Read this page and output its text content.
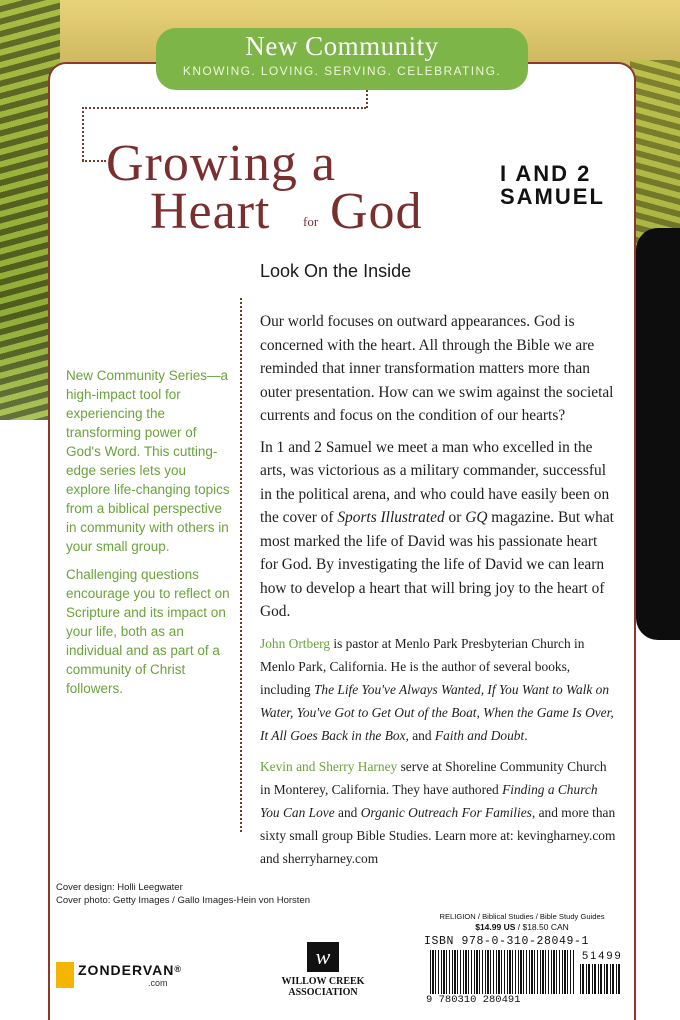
New Community
KNOWING. LOVING. SERVING. CELEBRATING.
Growing a
Heart	for God
I AND 2
SAMUEL
Look On the Inside

New Community Series—a high-impact tool for experiencing the transforming power of God's Word. This cutting-edge series lets you explore life-changing topics from a biblical perspective in community with others in your small group.

Challenging questions encourage you to reflect on Scripture and its impact on your life, both as an individual and as part of a community of Christ followers.

Our world focuses on outward appearances. God is concerned with the heart. All through the Bible we are reminded that inner transformation matters more than outer presentation. How can we swim against the societal currents and focus on the condition of our hearts?

In 1 and 2 Samuel we meet a man who excelled in the arts, was victorious as a military commander, successful in the political arena, and who could have easily been on the cover of Sports Illustrated or GQ magazine. But what most marked the life of David was his passionate heart for God. By investigating the life of David we can learn how to develop a heart that will bring joy to the heart of God.

John Ortberg is pastor at Menlo Park Presbyterian Church in Menlo Park, California. He is the author of several books, including The Life You've Always Wanted, If You Want to Walk on Water, You've Got to Get Out of the Boat, When the Game Is Over, It All Goes Back in the Box, and Faith and Doubt.

Kevin and Sherry Harney serve at Shoreline Community Church in Monterey, California. They have authored Finding a Church You Can Love and Organic Outreach For Families, and more than sixty small group Bible Studies. Learn more at: kevingharney.com and sherryharney.com

Cover design: Holli Leegwater
Cover photo: Getty Images / Gallo Images-Hein von Horsten
ZONDERVAN®
.com
w
WILLOW CREEK
ASSOCIATION
RELIGION / Biblical Studies / Bible Study Guides
$14.99 US / $18.50 CAN
ISBN 978-0-310-28049-1
51499
9 780310 280491
